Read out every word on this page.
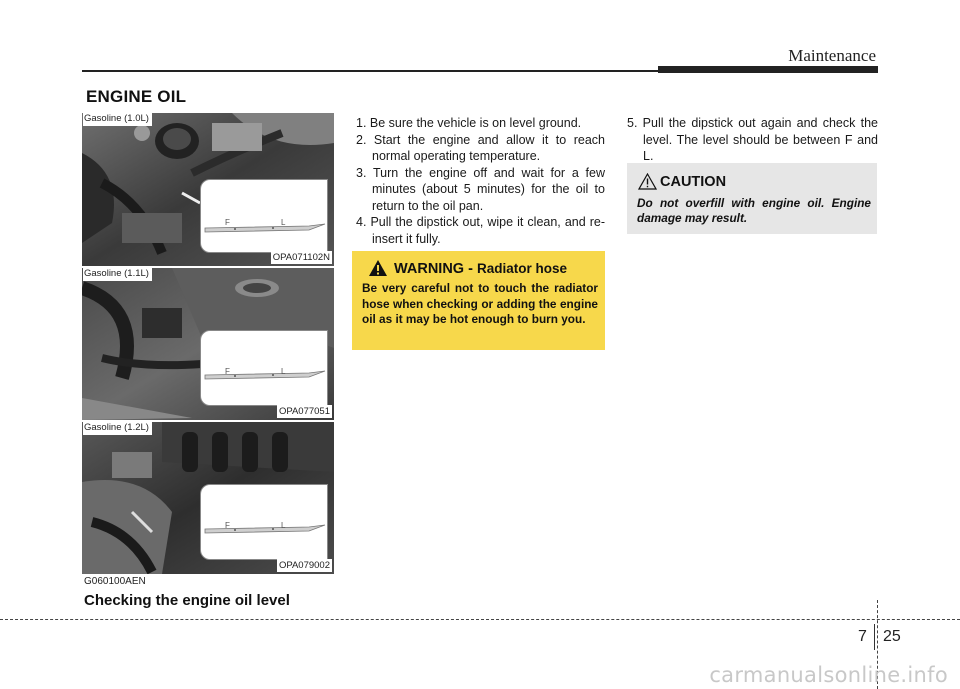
Maintenance
ENGINE OIL
Gasoline (1.0L)
F	L
OPA071102N
Gasoline (1.1L)
F	L
OPA077051
Gasoline (1.2L)
F	L
OPA079002
G060100AEN
Checking the engine oil level
1. Be sure the vehicle is on level ground.
2. Start the engine and allow it to reach normal operating temperature.
3. Turn the engine off and wait for a few minutes (about 5 minutes) for the oil to return to the oil pan.
4. Pull the dipstick out, wipe it clean, and re-insert it fully.
WARNING - Radiator hose
Be very careful not to touch the radiator hose when checking or adding the engine oil as it may be hot enough to burn you.
5. Pull the dipstick out again and check the level. The level should be between F and L.
CAUTION
Do not overfill with engine oil. Engine damage may result.
7 25
carmanualsonline.info
